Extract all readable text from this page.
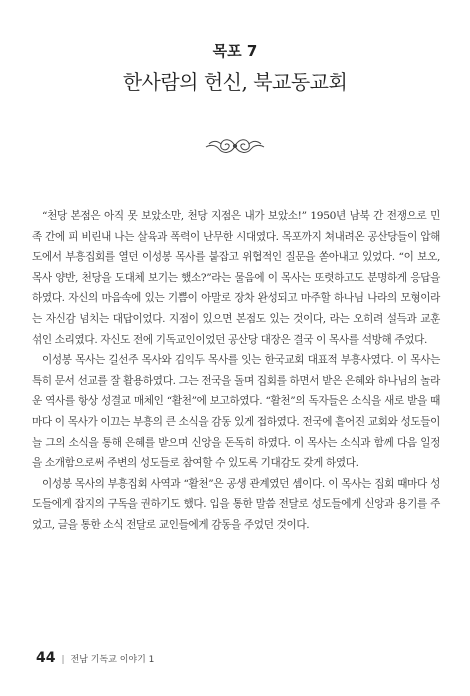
목포 7
한사람의 헌신, 북교동교회

“천당 본점은 아직 못 보았소만, 천당 지점은 내가 보았소!” 1950년 남북 간 전쟁으로 민족 간에 피 비린내 나는 살육과 폭력이 난무한 시대였다. 목포까지 쳐내려온 공산당들이 압해도에서 부흥집회를 열던 이성봉 목사를 붙잡고 위협적인 질문을 쏟아내고 있었다. “이 보오, 목사 양반, 천당을 도대체 보기는 했소?”라는 물음에 이 목사는 또렷하고도 분명하게 응답을 하였다. 자신의 마음속에 있는 기쁨이 아말로 장차 완성되고 마주할 하나님 나라의 모형이라는 자신감 넘치는 대답이었다. 지점이 있으면 본점도 있는 것이다, 라는 오히려 설득과 교훈 섞인 소리였다. 자신도 전에 기독교인이었던 공산당 대장은 결국 이 목사를 석방해 주었다.

이성봉 목사는 길선주 목사와 김익두 목사를 잇는 한국교회 대표적 부흥사였다. 이 목사는 특히 문서 선교를 잘 활용하였다. 그는 전국을 돌며 집회를 하면서 받은 은혜와 하나님의 놀라운 역사를 항상 성결교 매체인 “활천”에 보고하였다. “활천”의 독자들은 소식을 새로 받을 때마다 이 목사가 이끄는 부흥의 큰 소식을 감동 있게 접하였다. 전국에 흩어진 교회와 성도들이 늘 그의 소식을 통해 은혜를 받으며 신앙을 돈독히 하였다. 이 목사는 소식과 함께 다음 일정을 소개함으로써 주변의 성도들로 참여할 수 있도록 기대감도 갖게 하였다.

이성봉 목사의 부흥집회 사역과 “활천”은 공생 관계였던 셈이다. 이 목사는 집회 때마다 성도들에게 잡지의 구독을 권하기도 했다. 입을 통한 말씀 전달로 성도들에게 신앙과 용기를 주었고, 글을 통한 소식 전달로 교인들에게 감동을 주었던 것이다.

44 | 전남 기독교 이야기 1
